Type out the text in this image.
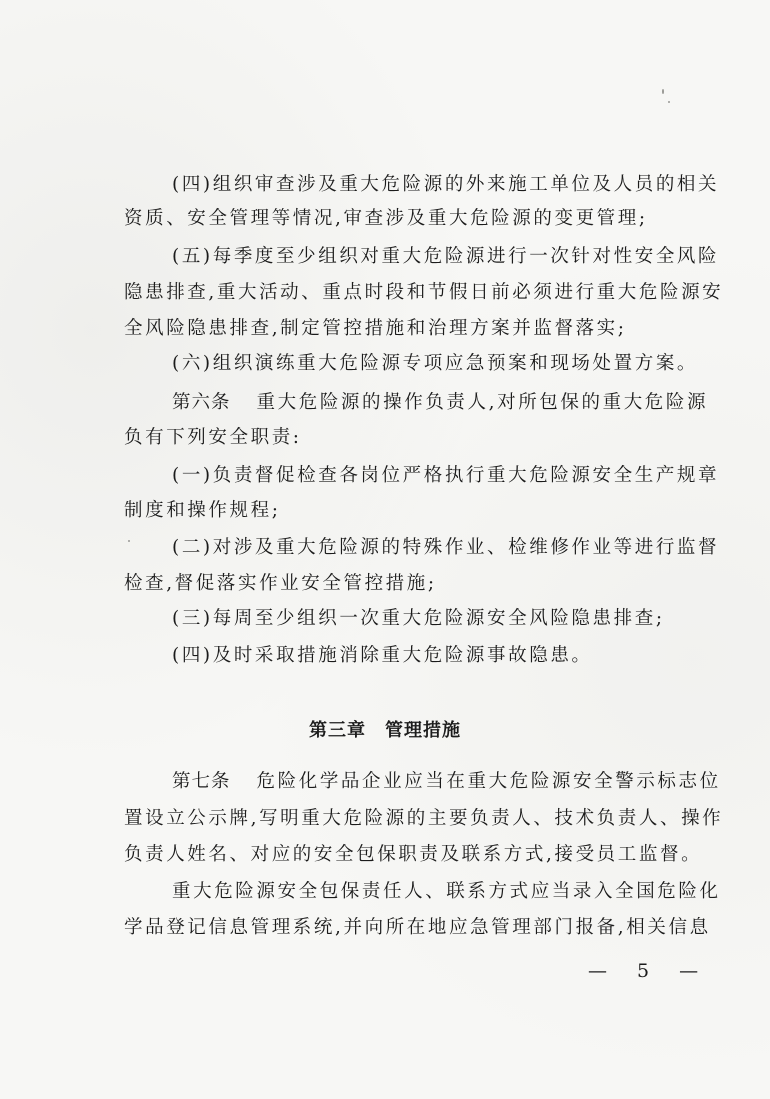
(四)组织审查涉及重大危险源的外来施工单位及人员的相关
资质、安全管理等情况,审查涉及重大危险源的变更管理;
(五)每季度至少组织对重大危险源进行一次针对性安全风险
隐患排查,重大活动、重点时段和节假日前必须进行重大危险源安
全风险隐患排查,制定管控措施和治理方案并监督落实;
(六)组织演练重大危险源专项应急预案和现场处置方案。
第六条 重大危险源的操作负责人,对所包保的重大危险源
负有下列安全职责:
(一)负责督促检查各岗位严格执行重大危险源安全生产规章
制度和操作规程;
(二)对涉及重大危险源的特殊作业、检维修作业等进行监督
检查,督促落实作业安全管控措施;
(三)每周至少组织一次重大危险源安全风险隐患排查;
(四)及时采取措施消除重大危险源事故隐患。
第三章　管理措施
第七条 危险化学品企业应当在重大危险源安全警示标志位
置设立公示牌,写明重大危险源的主要负责人、技术负责人、操作
负责人姓名、对应的安全包保职责及联系方式,接受员工监督。
重大危险源安全包保责任人、联系方式应当录入全国危险化
学品登记信息管理系统,并向所在地应急管理部门报备,相关信息
— 5 —
